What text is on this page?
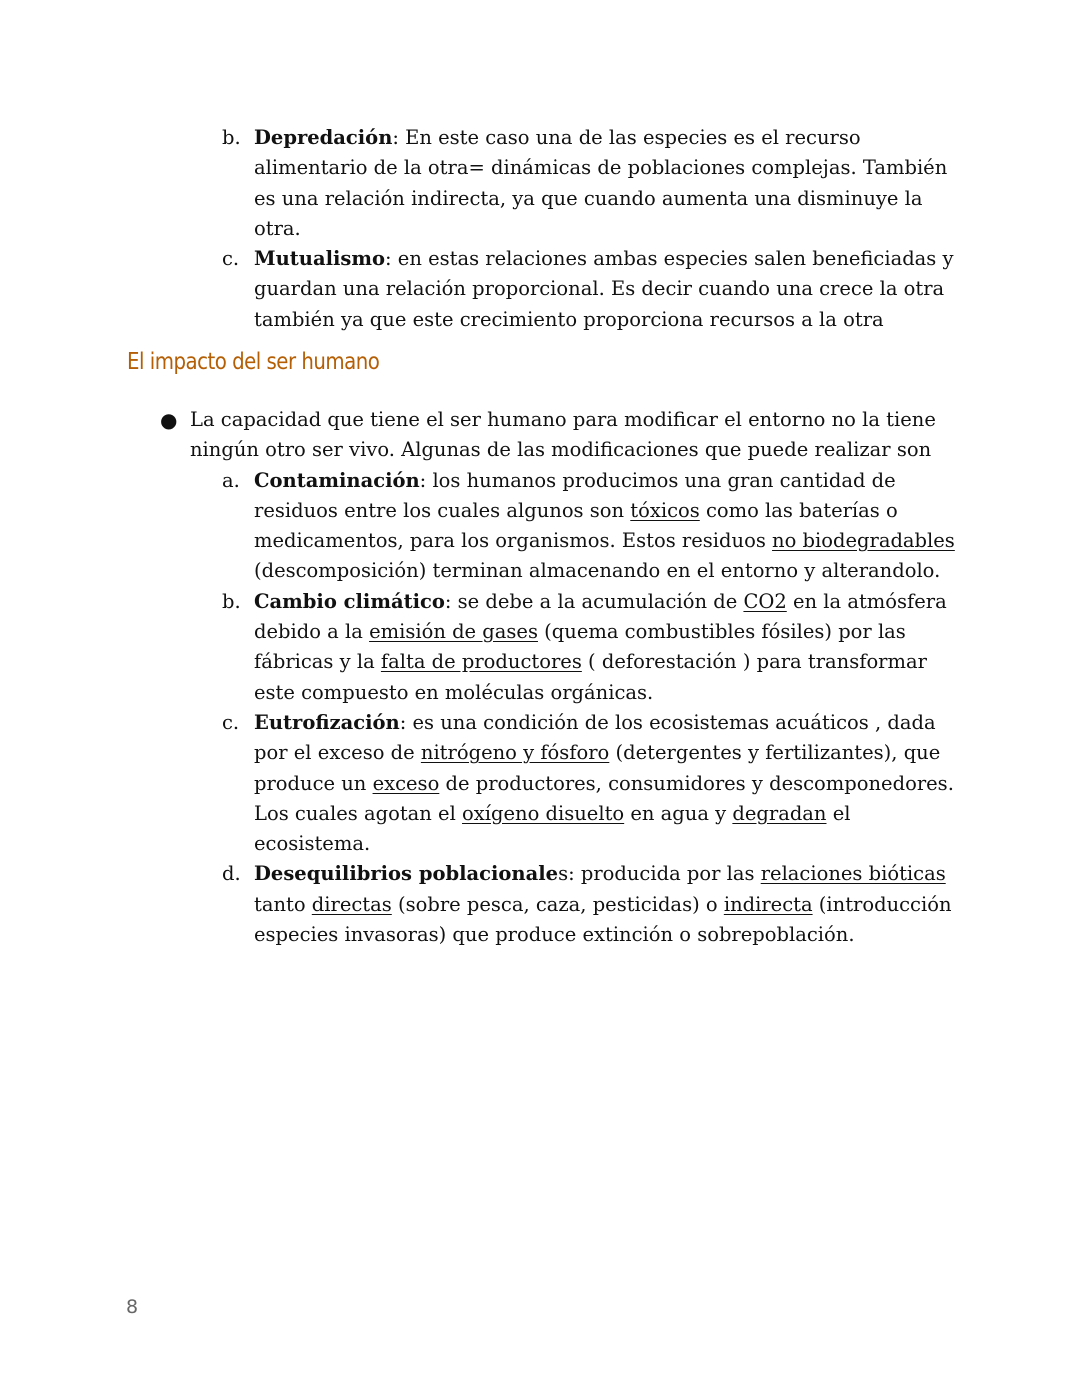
b. Depredación: En este caso una de las especies es el recurso alimentario de la otra= dinámicas de poblaciones complejas. También es una relación indirecta, ya que cuando aumenta una disminuye la otra.
c. Mutualismo: en estas relaciones ambas especies salen beneficiadas y guardan una relación proporcional. Es decir cuando una crece la otra también ya que este crecimiento proporciona recursos a la otra
El impacto del ser humano
● La capacidad que tiene el ser humano para modificar el entorno no la tiene ningún otro ser vivo. Algunas de las modificaciones que puede realizar son
a. Contaminación: los humanos producimos una gran cantidad de residuos entre los cuales algunos son tóxicos como las baterías o medicamentos, para los organismos. Estos residuos no biodegradables (descomposición) terminan almacenando en el entorno y alterandolo.
b. Cambio climático: se debe a la acumulación de CO2 en la atmósfera debido a la emisión de gases (quema combustibles fósiles) por las fábricas y la falta de productores ( deforestación ) para transformar este compuesto en moléculas orgánicas.
c. Eutrofización: es una condición de los ecosistemas acuáticos , dada por el exceso de nitrógeno y fósforo (detergentes y fertilizantes), que produce un exceso de productores, consumidores y descomponedores. Los cuales agotan el oxígeno disuelto en agua y degradan el ecosistema.
d. Desequilibrios poblacionales: producida por las relaciones bióticas tanto directas (sobre pesca, caza, pesticidas) o indirecta (introducción especies invasoras) que produce extinción o sobrepoblación.
8
